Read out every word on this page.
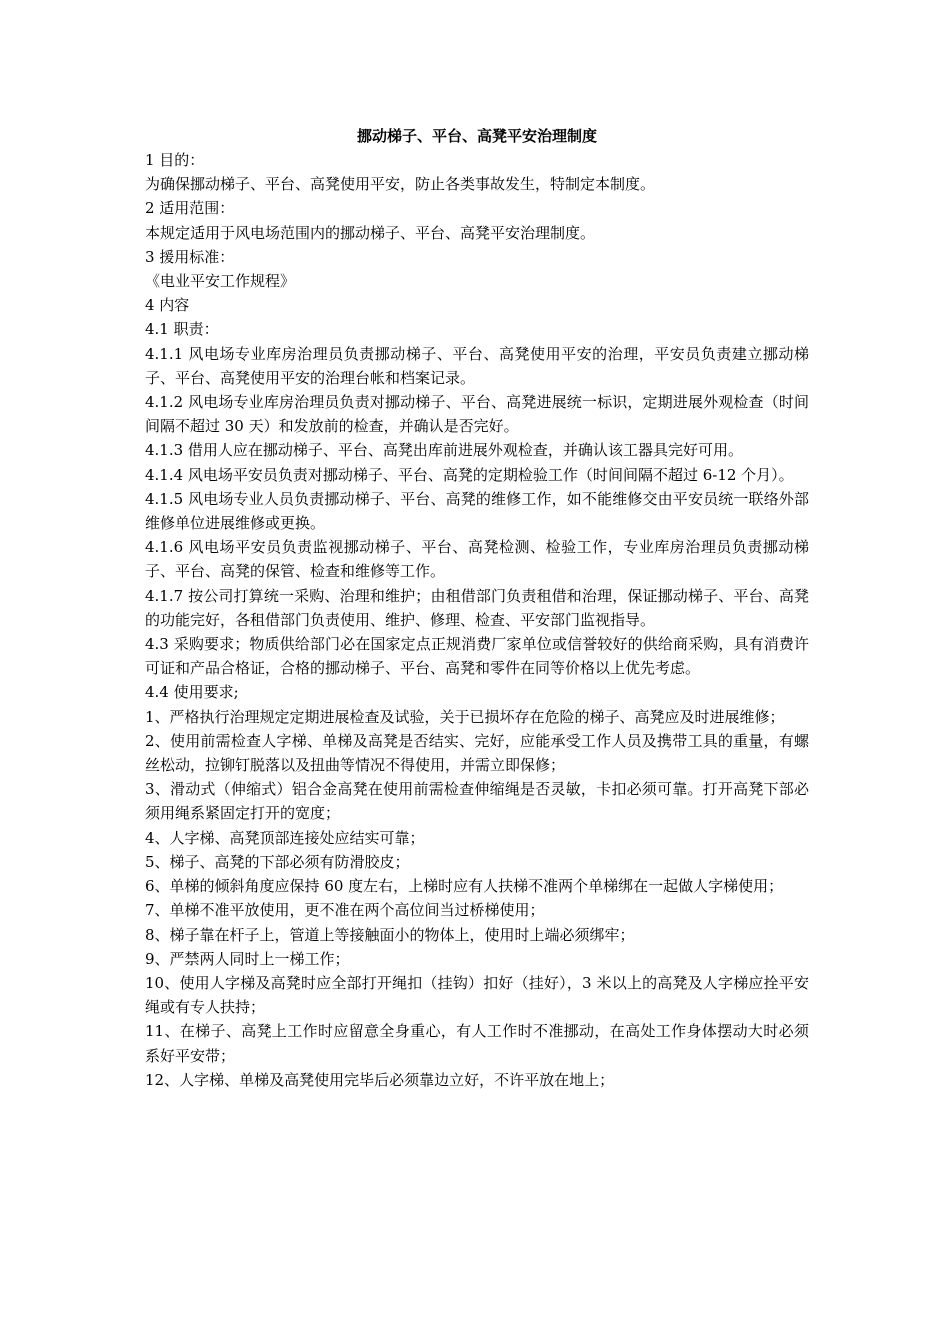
挪动梯子、平台、高凳平安治理制度

1 目的：

为确保挪动梯子、平台、高凳使用平安，防止各类事故发生，特制定本制度。

2 适用范围：

本规定适用于风电场范围内的挪动梯子、平台、高凳平安治理制度。

3 援用标准：

《电业平安工作规程》

4 内容

4.1 职责：

4.1.1 风电场专业库房治理员负责挪动梯子、平台、高凳使用平安的治理，平安员负责建立挪动梯子、平台、高凳使用平安的治理台帐和档案记录。

4.1.2 风电场专业库房治理员负责对挪动梯子、平台、高凳进展统一标识，定期进展外观检查（时间间隔不超过 30 天）和发放前的检查，并确认是否完好。

4.1.3 借用人应在挪动梯子、平台、高凳出库前进展外观检查，并确认该工器具完好可用。

4.1.4 风电场平安员负责对挪动梯子、平台、高凳的定期检验工作（时间间隔不超过 6-12 个月）。

4.1.5 风电场专业人员负责挪动梯子、平台、高凳的维修工作，如不能维修交由平安员统一联络外部维修单位进展维修或更换。

4.1.6 风电场平安员负责监视挪动梯子、平台、高凳检测、检验工作，专业库房治理员负责挪动梯子、平台、高凳的保管、检查和维修等工作。

4.1.7 按公司打算统一采购、治理和维护；由租借部门负责租借和治理，保证挪动梯子、平台、高凳的功能完好，各租借部门负责使用、维护、修理、检查、平安部门监视指导。

4.3 采购要求；物质供给部门必在国家定点正规消费厂家单位或信誉较好的供给商采购，具有消费许可证和产品合格证，合格的挪动梯子、平台、高凳和零件在同等价格以上优先考虑。

4.4 使用要求;

1、严格执行治理规定定期进展检查及试验，关于已损坏存在危险的梯子、高凳应及时进展维修；

2、使用前需检查人字梯、单梯及高凳是否结实、完好，应能承受工作人员及携带工具的重量，有螺丝松动，拉铆钉脱落以及扭曲等情况不得使用，并需立即保修；

3、滑动式（伸缩式）铝合金高凳在使用前需检查伸缩绳是否灵敏，卡扣必须可靠。打开高凳下部必须用绳系紧固定打开的宽度；

4、人字梯、高凳顶部连接处应结实可靠；

5、梯子、高凳的下部必须有防滑胶皮；

6、单梯的倾斜角度应保持 60 度左右，上梯时应有人扶梯不准两个单梯绑在一起做人字梯使用；

7、单梯不准平放使用，更不准在两个高位间当过桥梯使用；

8、梯子靠在杆子上，管道上等接触面小的物体上，使用时上端必须绑牢；

9、严禁两人同时上一梯工作；

10、使用人字梯及高凳时应全部打开绳扣（挂钩）扣好（挂好），3 米以上的高凳及人字梯应拴平安绳或有专人扶持；

11、在梯子、高凳上工作时应留意全身重心，有人工作时不准挪动，在高处工作身体摆动大时必须系好平安带；

12、人字梯、单梯及高凳使用完毕后必须靠边立好，不许平放在地上；
